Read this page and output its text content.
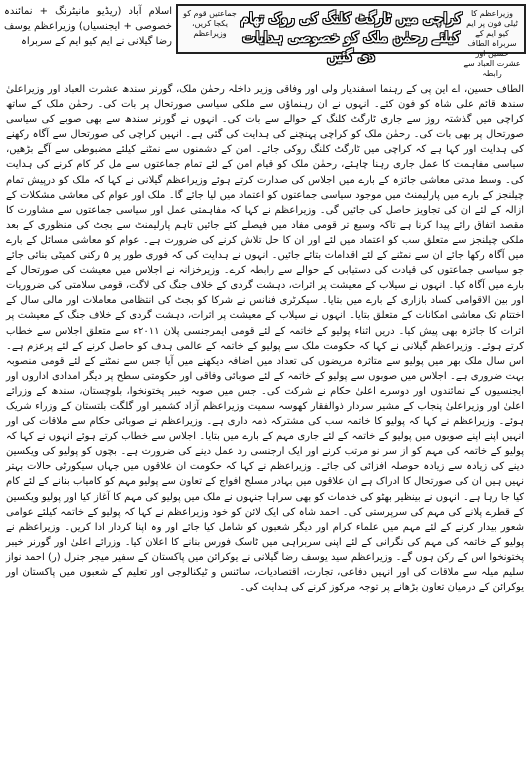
وزیراعظم کا ٹیلی فون پر ایم کیو ایم کے سربراہ الطاف حسین اور عشرت العباد سے رابطہ
کراچی میں ٹارگٹ کلنگ کی روک تھام کیلئے رحمٰن ملک کو خصوصی ہدایات دی گئیں
جماعتیں قوم کو یکجا کریں، وزیراعظم
اسلام آباد (ریڈیو مانیٹرنگ + نمائندہ خصوصی + ایجنسیاں) وزیراعظم یوسف رضا گیلانی نے ایم کیو ایم کے سربراہ

الطاف حسین، اے این پی کے رہنما اسفندیار ولی اور وفاقی وزیر داخلہ رحمٰن ملک، گورنر سندھ عشرت العباد اور وزیراعلیٰ سندھ قائم علی شاہ کو فون کئے۔ انہوں نے ان رہنماؤں سے ملکی سیاسی صورتحال پر بات کی۔ رحمٰن ملک کے ساتھ کراچی میں گذشتہ روز سے جاری ٹارگٹ کلنگ کے حوالے سے بات کی۔ انہوں نے گورنر سندھ سے بھی صوبے کی سیاسی صورتحال پر بھی بات کی۔ رحمٰن ملک کو کراچی پہنچنے کی ہدایت کی گئی ہے۔ انہیں کراچی کی صورتحال سے آگاہ رکھنے کی ہدایت اور کہا ہے کہ کراچی میں ٹارگٹ کلنگ روکی جائے۔ امن کے دشمنوں سے نمٹنے کیلئے مضبوطی سے آگے بڑھیں، سیاسی مفاہمت کا عمل جاری رہنا چاہئے، رحمٰن ملک کو قیام امن کے لئے تمام جماعتوں سے مل کر کام کرنے کی ہدایت کی۔ وسط مدتی معاشی جائزہ کے بارے میں اجلاس کی صدارت کرتے ہوئے وزیراعظم گیلانی نے کہا کہ ملک کو درپیش تمام چیلنجز کے بارے میں پارلیمنٹ میں موجود سیاسی جماعتوں کو اعتماد میں لیا جائے گا۔ ملک اور عوام کی معاشی مشکلات کے ازالہ کے لئے ان کی تجاویز حاصل کی جائیں گی۔ وزیراعظم نے کہا کہ مفاہمتی عمل اور سیاسی جماعتوں سے مشاورت کا مقصد اتفاق رائے پیدا کرنا ہے تاکہ وسیع تر قومی مفاد میں فیصلے کئے جائیں تاہم پارلیمنٹ سے بجٹ کی منظوری کے بعد ملکی چیلنجز سے متعلق سب کو اعتماد میں لئے اور ان کا حل تلاش کرنے کی ضرورت ہے۔ عوام کو معاشی مسائل کے بارے میں آگاہ رکھا جائے ان سے نمٹنے کے لئے اقدامات بتائے جائیں۔ انہوں نے ہدایت کی کہ فوری طور پر ۵ رکنی کمیٹی بنائی جائے جو سیاسی جماعتوں کی قیادت کی دستیابی کے حوالے سے رابطہ کرے۔ وزیرخزانہ نے اجلاس میں معیشت کی صورتحال کے بارے میں آگاہ کیا۔ انہوں نے سیلاب کے معیشت پر اثرات، دہشت گردی کے خلاف جنگ کی لاگت، قومی سلامتی کی ضروریات اور بین الاقوامی کساد بازاری کے بارے میں بتایا۔ سیکرٹری فنانس نے شرکا کو بجٹ کی انتظامی معاملات اور مالی سال کے اختتام تک معاشی امکانات کے متعلق بتایا۔ انہوں نے سیلاب کے معیشت پر اثرات، دہشت گردی کے خلاف جنگ کے معیشت پر اثرات کا جائزہ بھی پیش کیا۔ دریں اثناء پولیو کے خاتمہ کے لئے قومی ایمرجنسی پلان ۲۰۱۱ء سے متعلق اجلاس سے خطاب کرتے ہوئے۔ وزیراعظم گیلانی نے کہا کہ حکومت ملک سے پولیو کے خاتمہ کے عالمی ہدف کو حاصل کرنے کے لئے پرعزم ہے۔ اس سال ملک بھر میں پولیو سے متاثرہ مریضوں کی تعداد میں اضافہ دیکھنے میں آیا جس سے نمٹنے کے لئے قومی منصوبہ بہت ضروری ہے۔ اجلاس میں صوبوں سے پولیو کے خاتمہ کے لئے صوبائی وفاقی اور حکومتی سطح پر دیگر امدادی اداروں اور ایجنسیوں کے نمائندوں اور دوسرے اعلیٰ حکام نے شرکت کی۔ جس میں صوبہ خیبر پختونخوا، بلوچستان، سندھ کے وزرائے اعلیٰ اور وزیراعلیٰ پنجاب کے مشیر سردار ذوالفقار کھوسہ سمیت وزیراعظم آزاد کشمیر اور گلگت بلتستان کے وزراء شریک ہوئے۔ وزیراعظم نے کہا کہ پولیو کا خاتمہ سب کی مشترکہ ذمہ داری ہے۔ وزیراعظم نے صوبائی حکام سے ملاقات کی اور انہیں اپنے اپنے صوبوں میں پولیو کے خاتمہ کے لئے جاری مہم کے بارے میں بتایا۔ اجلاس سے خطاب کرتے ہوئے انہوں نے کہا کہ پولیو کے خاتمہ کی مہم کو از سر نو مرتب کرنے اور ایک ارجنسی رد عمل دینے کی ضرورت ہے۔ بچوں کو پولیو کی ویکسین دینے کی زیادہ سے زیادہ حوصلہ افزائی کی جائے۔ وزیراعظم نے کہا کہ حکومت ان علاقوں میں جہاں سیکورٹی حالات بہتر نہیں ہیں ان کی صورتحال کا ادراک ہے ان علاقوں میں بہادر مسلح افواج کے تعاون سے پولیو مہم کو کامیاب بنانے کے لئے کام کیا جا رہا ہے۔ انہوں نے بینظیر بھٹو کی خدمات کو بھی سراہا جنہوں نے ملک میں پولیو کی مہم کا آغاز کیا اور پولیو ویکسین کے قطرے پلانے کی مہم کی سرپرستی کی۔ احمد شاہ کی ایک لائن کو خود وزیراعظم نے کہا کہ پولیو کے خاتمہ کیلئے عوامی شعور بیدار کرنے کے لئے مہم میں علماء کرام اور دیگر شعبوں کو شامل کیا جائے اور وہ اپنا کردار ادا کریں۔ وزیراعظم نے پولیو کے خاتمہ کی مہم کی نگرانی کے لئے اپنی سربراہی میں ٹاسک فورس بنانے کا اعلان کیا۔ وزرائے اعلیٰ اور گورنر خیبر پختونخوا اس کے رکن ہوں گے۔ وزیراعظم سید یوسف رضا گیلانی نے یوکرائن میں پاکستان کے سفیر میجر جنرل (ر) احمد نواز سلیم میلہ سے ملاقات کی اور انہیں دفاعی، تجارت، اقتصادیات، سائنس و ٹیکنالوجی اور تعلیم کے شعبوں میں پاکستان اور یوکرائن کے درمیان تعاون بڑھانے پر توجہ مرکوز کرنے کی ہدایت کی۔
